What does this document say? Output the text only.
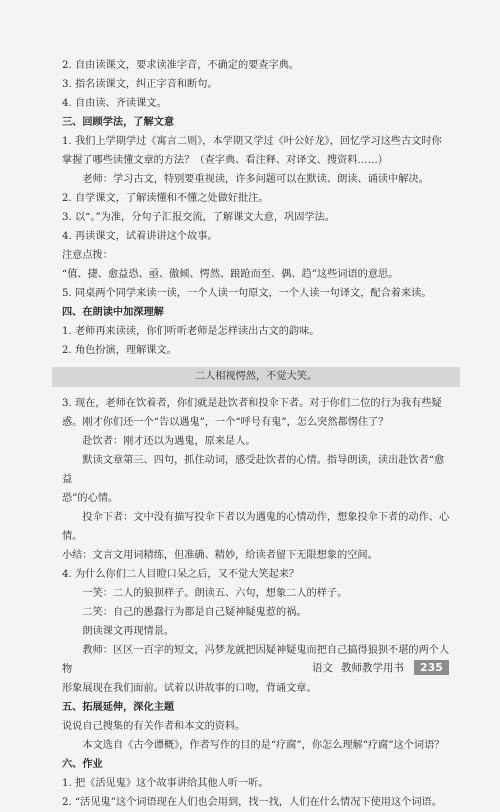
2. 自由读课文，要求读准字音，不确定的要查字典。

3. 指名读课文，纠正字音和断句。

4. 自由读、齐读课文。

三、回顾学法，了解文意

1. 我们上学期学过《寓言二则》，本学期又学过《叶公好龙》，回忆学习这些古文时你

掌握了哪些读懂文章的方法？（查字典、看注释、对译文、搜资料……）

老师：学习古文，特别要重视读，许多问题可以在默读、朗读、诵读中解决。

2. 自学课文，了解读懂和不懂之处做好批注。

3. 以“。”为准，分句子汇报交流，了解课文大意，巩固学法。

4. 再读课文，试着讲讲这个故事。

注意点拨：

“值、捷、愈益恐、亟、傲倾、愕然、踉跄而至、偶、趋”这些词语的意思。

5. 同桌两个同学来读一读，一个人读一句原文，一个人读一句译文，配合着来读。

四、在朗读中加深理解

1. 老师再来读读，你们听听老师是怎样读出古文的韵味。

2. 角色扮演，理解课文。

二人相视愕然，不觉大笑。

3. 现在，老师在饮着者，你们就是赴饮者和投伞下者。对于你们二位的行为我有些疑

惑。刚才你们还一个“告以遇鬼”，一个“呼号有鬼”，怎么突然都愣住了？

赴饮者：刚才还以为遇鬼，原来是人。

默读文章第三、四句，抓住动词，感受赴饮者的心情。指导朗读，读出赴饮者“愈益

恐”的心情。

投伞下者：文中没有描写投伞下者以为遇鬼的心情动作，想象投伞下者的动作、心情。

小结：文言文用词精练，但准确、精妙，给读者留下无限想象的空间。

4. 为什么你们二人目瞪口呆之后，又不觉大笑起来？

一笑：二人的狼狈样子。朗读五、六句，想象二人的样子。

二笑：自己的愚蠢行为都是自己疑神疑鬼惹的祸。

朗读课文再现情景。

教师：区区一百字的短文，冯梦龙就把因疑神疑鬼而把自己搞得狼狈不堪的两个人物

形象展现在我们面前。试着以讲故事的口吻，背诵文章。

五、拓展延伸，深化主题

说说自己搜集的有关作者和本文的资料。

本文选自《古今谭概》，作者写作的目的是“疗腐”，你怎么理解“疗腐”这个词语？

六、作业

1. 把《活见鬼》这个故事讲给其他人听一听。

2. “活见鬼”这个词语现在人们也会用到，找一找，人们在什么情况下使用这个词语。

语文 教师教学用书	235
